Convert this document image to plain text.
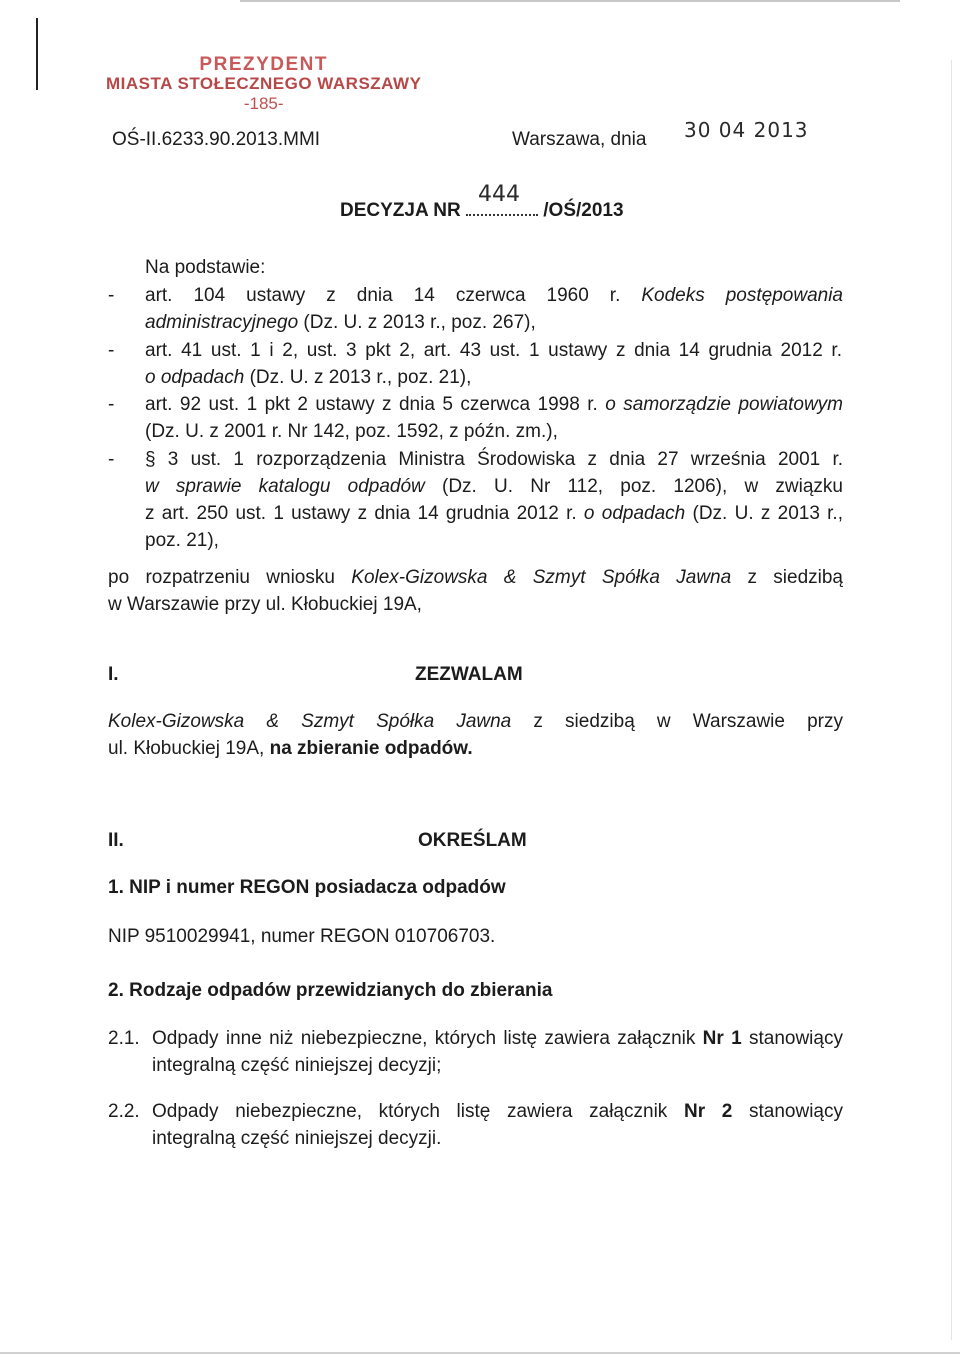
PREZYDENT
MIASTA STOŁECZNEGO WARSZAWY
-185-
OŚ-II.6233.90.2013.MMI	Warszawa, dnia 30 04 2013
DECYZJA NR
444
/OŚ/2013
Na podstawie:
- art. 104 ustawy z dnia 14 czerwca 1960 r. Kodeks postępowania
administracyjnego (Dz. U. z 2013 r., poz. 267),
- art. 41 ust. 1 i 2, ust. 3 pkt 2, art. 43 ust. 1 ustawy z dnia 14 grudnia 2012 r.
o odpadach (Dz. U. z 2013 r., poz. 21),
- art. 92 ust. 1 pkt 2 ustawy z dnia 5 czerwca 1998 r. o samorządzie powiatowym
(Dz. U. z 2001 r. Nr 142, poz. 1592, z późn. zm.),
- § 3 ust. 1 rozporządzenia Ministra Środowiska z dnia 27 września 2001 r.
w sprawie katalogu odpadów (Dz. U. Nr 112, poz. 1206), w związku
z art. 250 ust. 1 ustawy z dnia 14 grudnia 2012 r. o odpadach (Dz. U. z 2013 r.,
poz. 21),
po rozpatrzeniu wniosku Kolex-Gizowska & Szmyt Spółka Jawna z siedzibą
w Warszawie przy ul. Kłobuckiej 19A,
I.	ZEZWALAM
Kolex-Gizowska & Szmyt Spółka Jawna z siedzibą w Warszawie przy
ul. Kłobuckiej 19A, na zbieranie odpadów.
II.	OKREŚLAM
1. NIP i numer REGON posiadacza odpadów
NIP 9510029941, numer REGON 010706703.
2. Rodzaje odpadów przewidzianych do zbierania
2.1. Odpady inne niż niebezpieczne, których listę zawiera załącznik Nr 1 stanowiący
integralną część niniejszej decyzji;
2.2. Odpady niebezpieczne, których listę zawiera załącznik Nr 2 stanowiący
integralną część niniejszej decyzji.
